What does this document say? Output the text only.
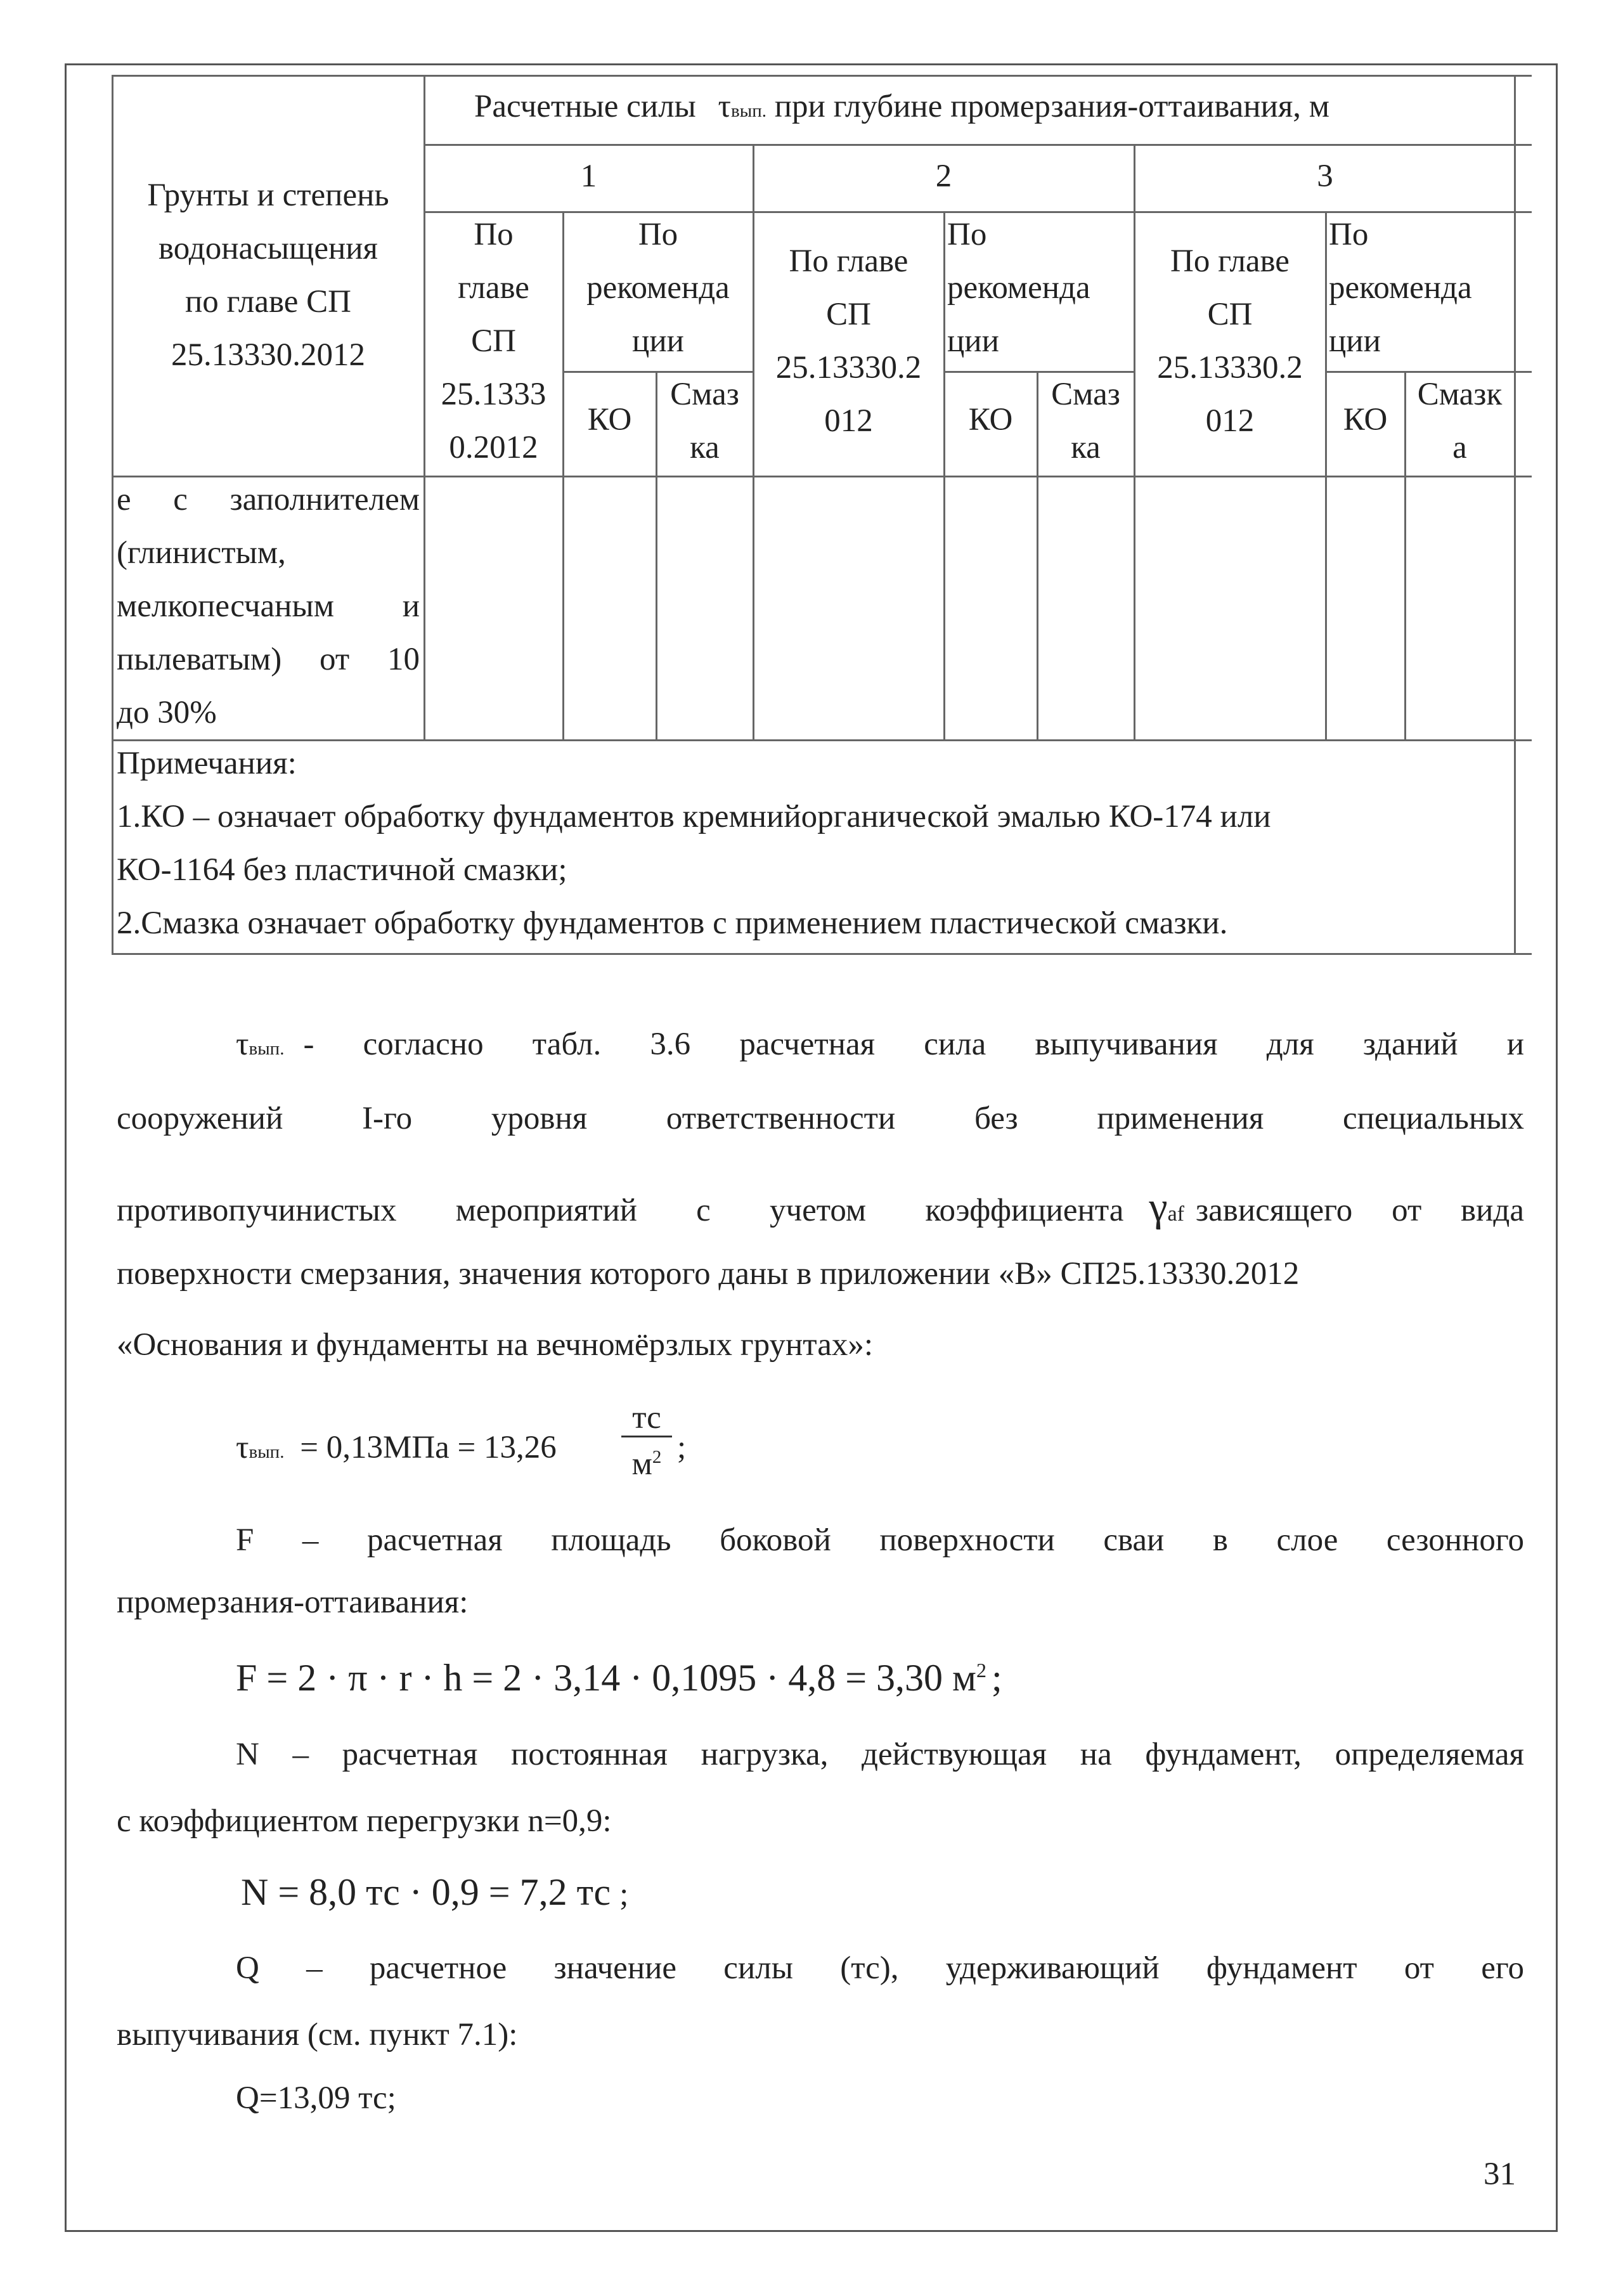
Расчетные силы τвып. при глубине промерзания-оттаивания, м
Грунты и степень
водонасыщения
по главе СП
25.13330.2012
1	2	3
По
главе
СП
25.1333
0.2012
По
рекоменда
ции
КО
Смаз
ка
По главе
СП
25.13330.2
012
По
рекоменда
ции
КО
Смаз
ка
По главе
СП
25.13330.2
012
По
рекоменда
ции
КО
Смазк
а
е с заполнителем
(глинистым,
мелкопесчаным и
пылеватым) от 10
до 30%
Примечания:
1.КО – означает обработку фундаментов кремнийорганической эмалью КО-174 или
КО-1164 без пластичной смазки;
2.Смазка означает обработку фундаментов с применением пластической смазки.
τвып. - согласно табл. 3.6 расчетная сила выпучивания для зданий и
сооружений I-го уровня ответственности без применения специальных
противопучинистых мероприятий с учетом коэффициента γ af зависящего от вида
поверхности смерзания, значения которого даны в приложении «В» СП25.13330.2012
«Основания и фундаменты на вечномёрзлых грунтах»:
τвып. = 0,13МПа = 13,26
тс
$м^2$ ;
F – расчетная площадь боковой поверхности сваи в слое сезонного
промерзания-оттаивания:
F = 2 · π · r · h = 2 · 3,14 · 0,1095 · 4,8 = 3,30 $м^2$ ;
N – расчетная постоянная нагрузка, действующая на фундамент, определяемая
с коэффициентом перегрузки n=0,9:
N = 8,0 тс · 0,9 = 7,2 тс ;
Q – расчетное значение силы (тс), удерживающий фундамент от его
выпучивания (см. пункт 7.1):
Q=13,09 тс;
31
